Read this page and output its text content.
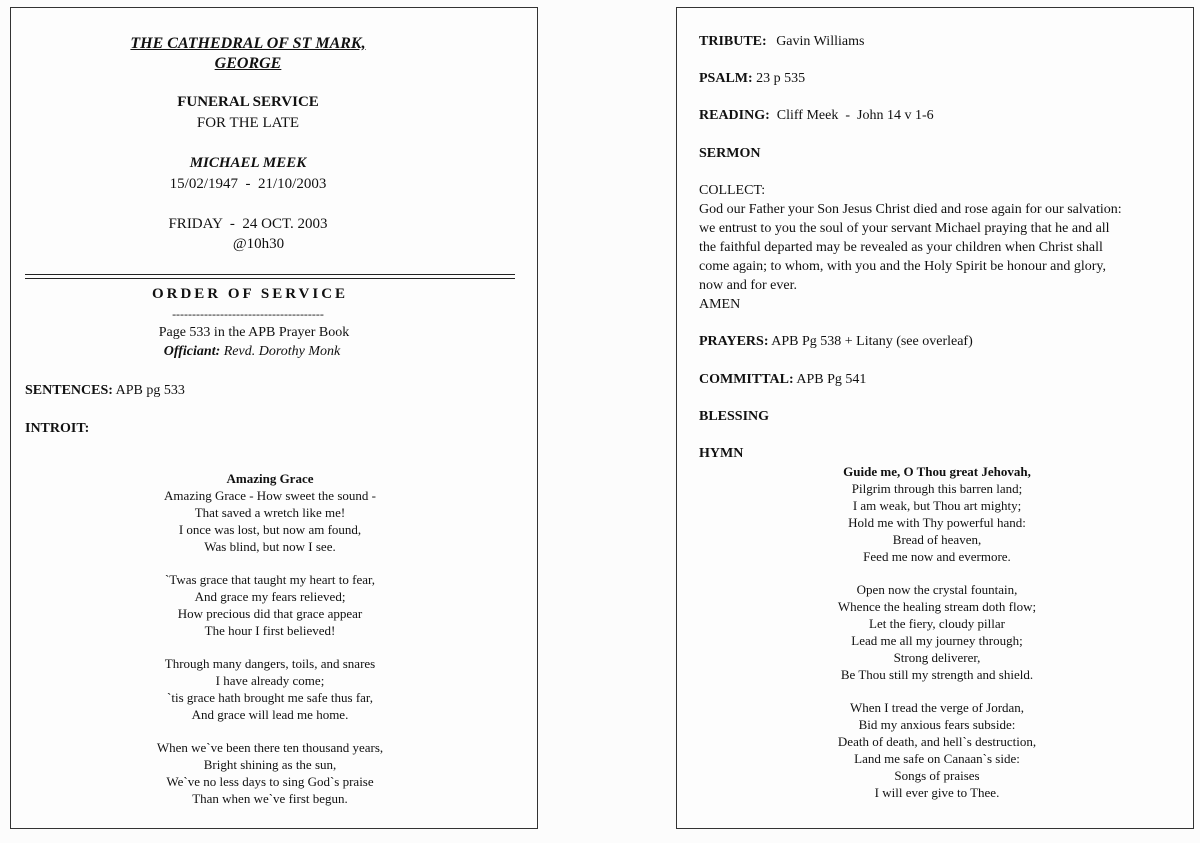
THE CATHEDRAL OF ST MARK,
GEORGE
FUNERAL SERVICE
FOR THE LATE
MICHAEL MEEK
15/02/1947  -  21/10/2003
FRIDAY  -  24 OCT. 2003
@10h30
ORDER OF SERVICE
--------------------------------------
Page 533 in the APB Prayer Book
Officiant: Revd. Dorothy Monk
SENTENCES: APB pg 533
INTROIT:
Amazing Grace
Amazing Grace - How sweet the sound -
That saved a wretch like me!
I once was lost, but now am found,
Was blind, but now I see.
`Twas grace that taught my heart to fear,
And grace my fears relieved;
How precious did that grace appear
The hour I first believed!
Through many dangers, toils, and snares
I have already come;
`tis grace hath brought me safe thus far,
And grace will lead me home.
When we`ve been there ten thousand years,
Bright shining as the sun,
We`ve no less days to sing God`s praise
Than when we`ve first begun.
TRIBUTE: Gavin Williams
PSALM: 23 p 535
READING: Cliff Meek  -  John 14 v 1-6
SERMON
COLLECT:
God our Father your Son Jesus Christ died and rose again for our salvation:
we entrust to you the soul of your servant Michael praying that he and all
the faithful departed may be revealed as your children when Christ shall
come again; to whom, with you and the Holy Spirit be honour and glory,
now and for ever.
AMEN
PRAYERS: APB Pg 538 + Litany (see overleaf)
COMMITTAL: APB Pg 541
BLESSING
HYMN
Guide me, O Thou great Jehovah,
Pilgrim through this barren land;
I am weak, but Thou art mighty;
Hold me with Thy powerful hand:
Bread of heaven,
Feed me now and evermore.
Open now the crystal fountain,
Whence the healing stream doth flow;
Let the fiery, cloudy pillar
Lead me all my journey through;
Strong deliverer,
Be Thou still my strength and shield.
When I tread the verge of Jordan,
Bid my anxious fears subside:
Death of death, and hell`s destruction,
Land me safe on Canaan`s side:
Songs of praises
I will ever give to Thee.
